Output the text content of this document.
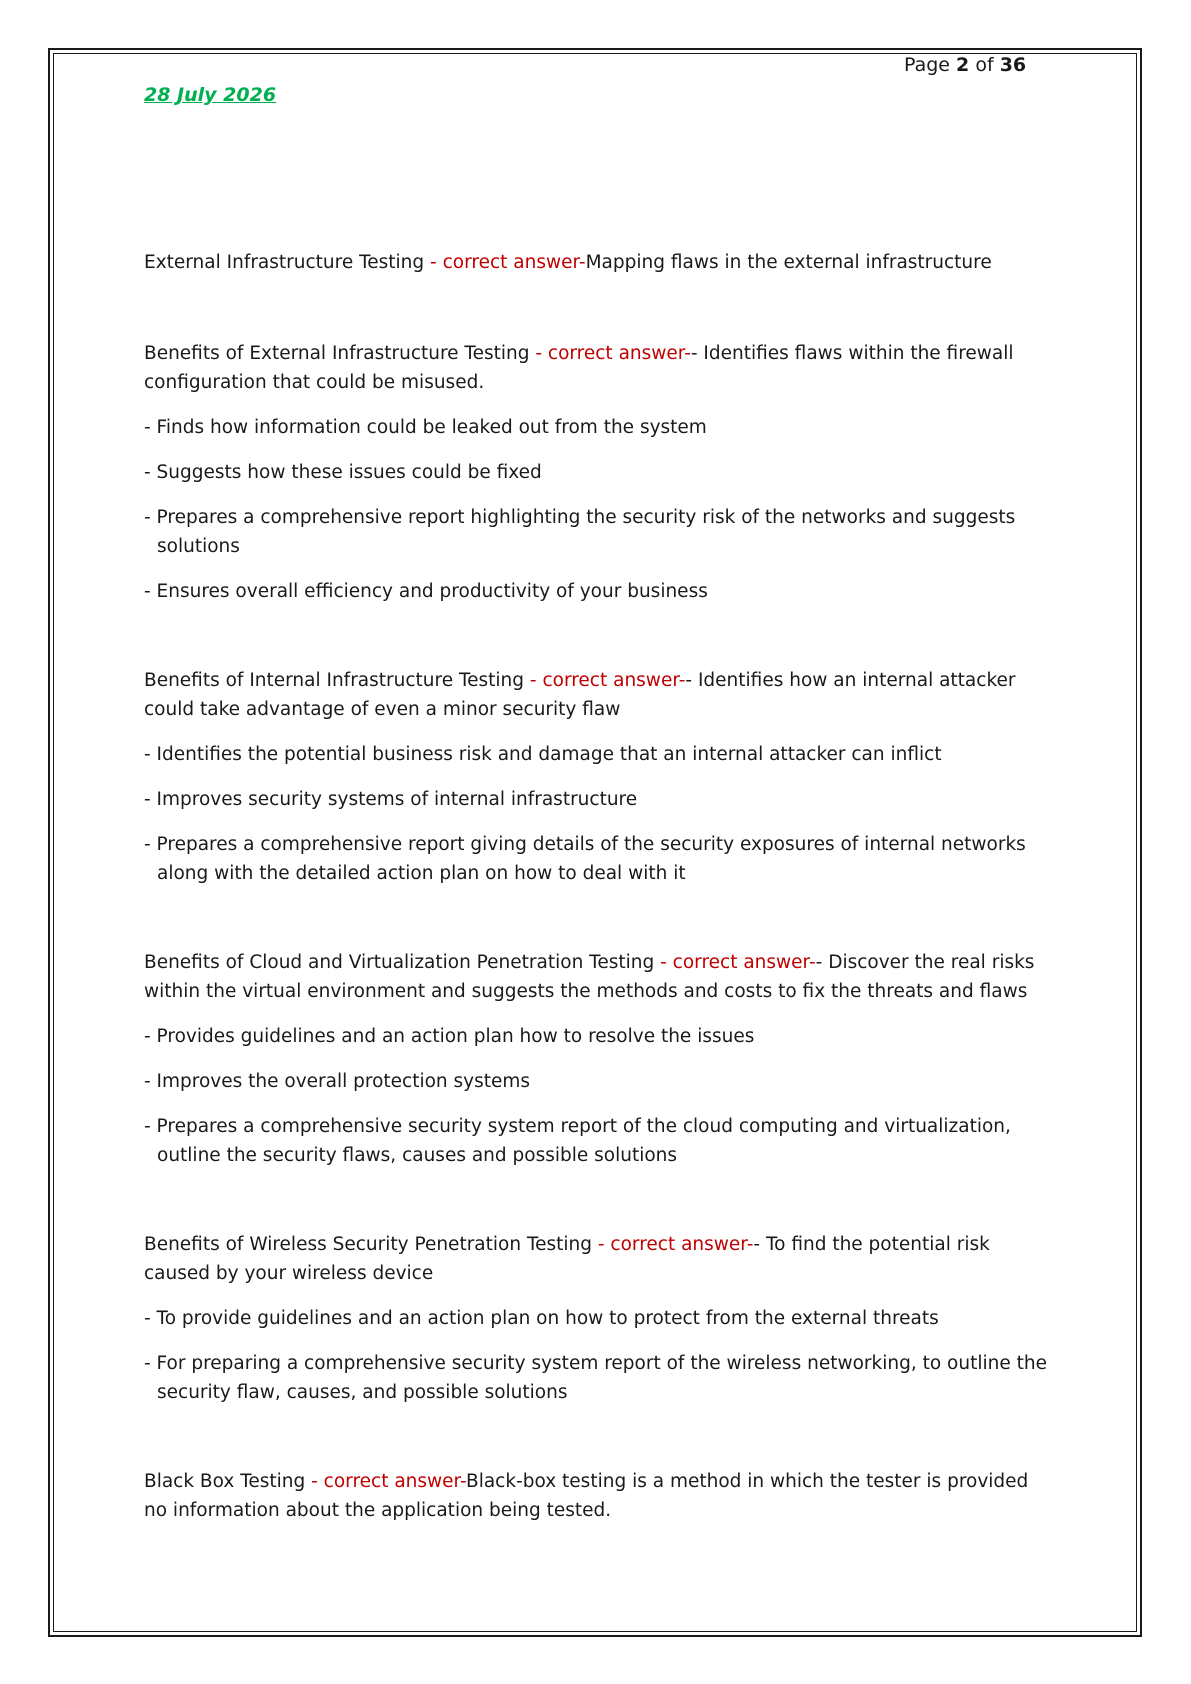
Page 2 of 36
28 July 2026

External Infrastructure Testing - correct answer-Mapping flaws in the external infrastructure

Benefits of External Infrastructure Testing - correct answer-- Identifies flaws within the firewall configuration that could be misused.

- Finds how information could be leaked out from the system

- Suggests how these issues could be fixed

- Prepares a comprehensive report highlighting the security risk of the networks and suggests solutions

- Ensures overall efficiency and productivity of your business

Benefits of Internal Infrastructure Testing - correct answer-- Identifies how an internal attacker could take advantage of even a minor security flaw

- Identifies the potential business risk and damage that an internal attacker can inflict

- Improves security systems of internal infrastructure

- Prepares a comprehensive report giving details of the security exposures of internal networks along with the detailed action plan on how to deal with it

Benefits of Cloud and Virtualization Penetration Testing - correct answer-- Discover the real risks within the virtual environment and suggests the methods and costs to fix the threats and flaws

- Provides guidelines and an action plan how to resolve the issues

- Improves the overall protection systems

- Prepares a comprehensive security system report of the cloud computing and virtualization, outline the security flaws, causes and possible solutions

Benefits of Wireless Security Penetration Testing - correct answer-- To find the potential risk caused by your wireless device

- To provide guidelines and an action plan on how to protect from the external threats

- For preparing a comprehensive security system report of the wireless networking, to outline the security flaw, causes, and possible solutions

Black Box Testing - correct answer-Black-box testing is a method in which the tester is provided no information about the application being tested.
